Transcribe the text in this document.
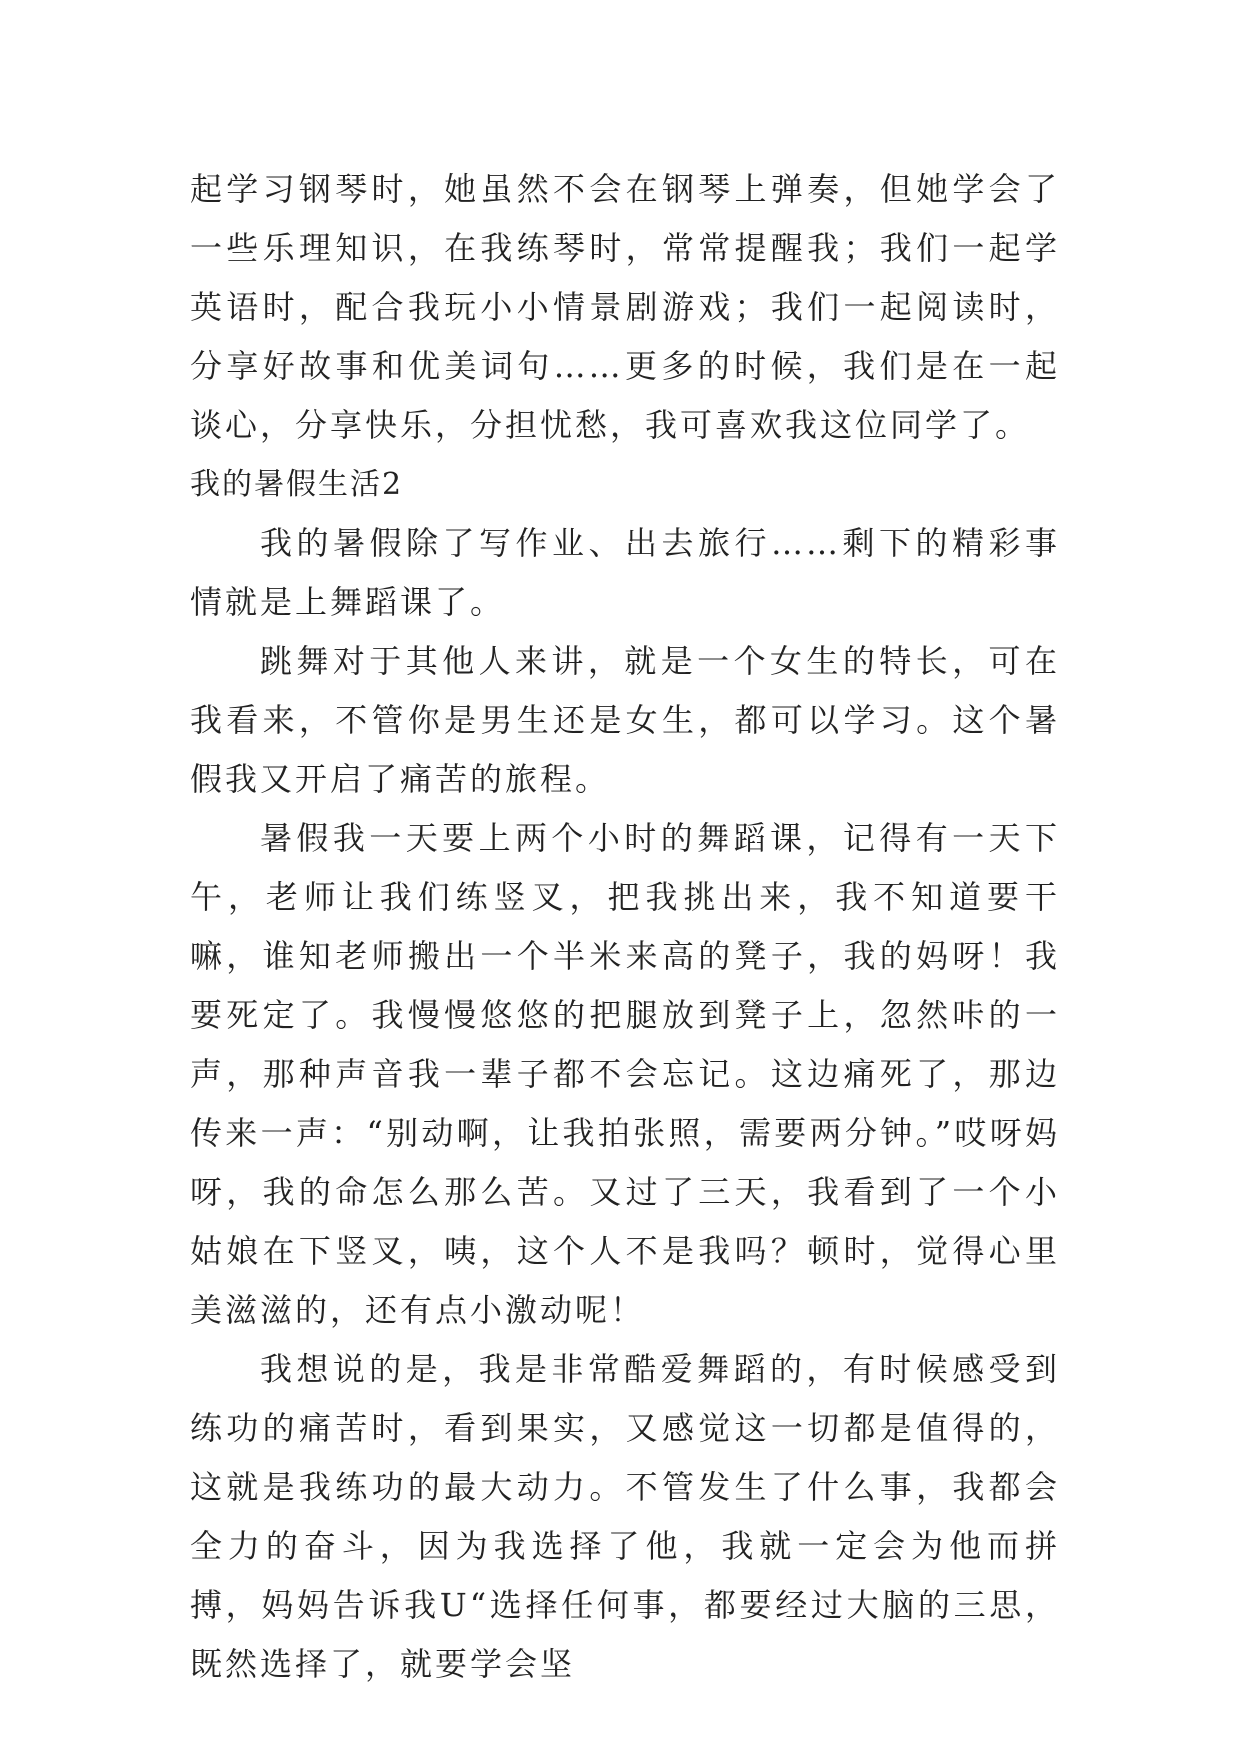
起学习钢琴时，她虽然不会在钢琴上弹奏，但她学会了一些乐理知识，在我练琴时，常常提醒我；我们一起学英语时，配合我玩小小情景剧游戏；我们一起阅读时，分享好故事和优美词句……更多的时候，我们是在一起谈心，分享快乐，分担忧愁，我可喜欢我这位同学了。

我的暑假生活2

我的暑假除了写作业、出去旅行……剩下的精彩事情就是上舞蹈课了。

跳舞对于其他人来讲，就是一个女生的特长，可在我看来，不管你是男生还是女生，都可以学习。这个暑假我又开启了痛苦的旅程。

暑假我一天要上两个小时的舞蹈课，记得有一天下午，老师让我们练竖叉，把我挑出来，我不知道要干嘛，谁知老师搬出一个半米来高的凳子，我的妈呀！我要死定了。我慢慢悠悠的把腿放到凳子上，忽然咔的一声，那种声音我一辈子都不会忘记。这边痛死了，那边传来一声：“别动啊，让我拍张照，需要两分钟。”哎呀妈呀，我的命怎么那么苦。又过了三天，我看到了一个小姑娘在下竖叉，咦，这个人不是我吗？顿时，觉得心里美滋滋的，还有点小激动呢！

我想说的是，我是非常酷爱舞蹈的，有时候感受到练功的痛苦时，看到果实，又感觉这一切都是值得的，这就是我练功的最大动力。不管发生了什么事，我都会全力的奋斗，因为我选择了他，我就一定会为他而拼搏，妈妈告诉我U“选择任何事，都要经过大脑的三思，既然选择了，就要学会坚
